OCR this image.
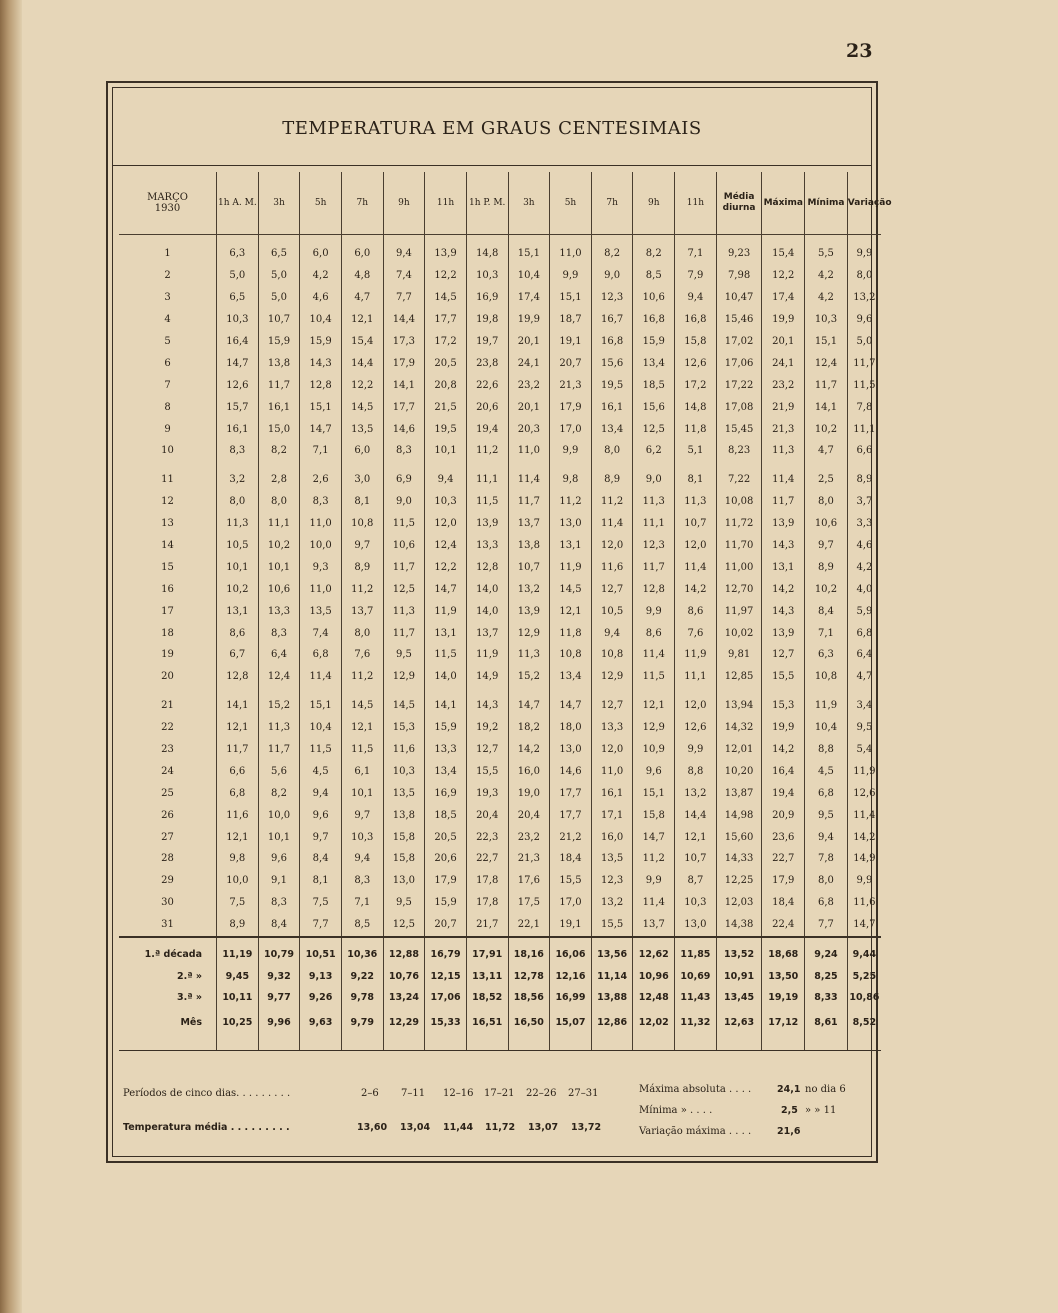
23
TEMPERATURA EM GRAUS CENTESIMAIS
MARÇO
1930	1h A. M.	3h	5h	7h	9h	11h	1h P. M.	3h	5h	7h	9h	11h	Média diurna	Máxima	Mínima	Variação

1	6,3	6,5	6,0	6,0	9,4	13,9	14,8	15,1	11,0	8,2	8,2	7,1	9,23	15,4	5,5	9,9
2	5,0	5,0	4,2	4,8	7,4	12,2	10,3	10,4	9,9	9,0	8,5	7,9	7,98	12,2	4,2	8,0
3	6,5	5,0	4,6	4,7	7,7	14,5	16,9	17,4	15,1	12,3	10,6	9,4	10,47	17,4	4,2	13,2
4	10,3	10,7	10,4	12,1	14,4	17,7	19,8	19,9	18,7	16,7	16,8	16,8	15,46	19,9	10,3	9,6
5	16,4	15,9	15,9	15,4	17,3	17,2	19,7	20,1	19,1	16,8	15,9	15,8	17,02	20,1	15,1	5,0
6	14,7	13,8	14,3	14,4	17,9	20,5	23,8	24,1	20,7	15,6	13,4	12,6	17,06	24,1	12,4	11,7
7	12,6	11,7	12,8	12,2	14,1	20,8	22,6	23,2	21,3	19,5	18,5	17,2	17,22	23,2	11,7	11,5
8	15,7	16,1	15,1	14,5	17,7	21,5	20,6	20,1	17,9	16,1	15,6	14,8	17,08	21,9	14,1	7,8
9	16,1	15,0	14,7	13,5	14,6	19,5	19,4	20,3	17,0	13,4	12,5	11,8	15,45	21,3	10,2	11,1
10	8,3	8,2	7,1	6,0	8,3	10,1	11,2	11,0	9,9	8,0	6,2	5,1	8,23	11,3	4,7	6,6

11	3,2	2,8	2,6	3,0	6,9	9,4	11,1	11,4	9,8	8,9	9,0	8,1	7,22	11,4	2,5	8,9
12	8,0	8,0	8,3	8,1	9,0	10,3	11,5	11,7	11,2	11,2	11,3	11,3	10,08	11,7	8,0	3,7
13	11,3	11,1	11,0	10,8	11,5	12,0	13,9	13,7	13,0	11,4	11,1	10,7	11,72	13,9	10,6	3,3
14	10,5	10,2	10,0	9,7	10,6	12,4	13,3	13,8	13,1	12,0	12,3	12,0	11,70	14,3	9,7	4,6
15	10,1	10,1	9,3	8,9	11,7	12,2	12,8	10,7	11,9	11,6	11,7	11,4	11,00	13,1	8,9	4,2
16	10,2	10,6	11,0	11,2	12,5	14,7	14,0	13,2	14,5	12,7	12,8	14,2	12,70	14,2	10,2	4,0
17	13,1	13,3	13,5	13,7	11,3	11,9	14,0	13,9	12,1	10,5	9,9	8,6	11,97	14,3	8,4	5,9
18	8,6	8,3	7,4	8,0	11,7	13,1	13,7	12,9	11,8	9,4	8,6	7,6	10,02	13,9	7,1	6,8
19	6,7	6,4	6,8	7,6	9,5	11,5	11,9	11,3	10,8	10,8	11,4	11,9	9,81	12,7	6,3	6,4
20	12,8	12,4	11,4	11,2	12,9	14,0	14,9	15,2	13,4	12,9	11,5	11,1	12,85	15,5	10,8	4,7

21	14,1	15,2	15,1	14,5	14,5	14,1	14,3	14,7	14,7	12,7	12,1	12,0	13,94	15,3	11,9	3,4
22	12,1	11,3	10,4	12,1	15,3	15,9	19,2	18,2	18,0	13,3	12,9	12,6	14,32	19,9	10,4	9,5
23	11,7	11,7	11,5	11,5	11,6	13,3	12,7	14,2	13,0	12,0	10,9	9,9	12,01	14,2	8,8	5,4
24	6,6	5,6	4,5	6,1	10,3	13,4	15,5	16,0	14,6	11,0	9,6	8,8	10,20	16,4	4,5	11,9
25	6,8	8,2	9,4	10,1	13,5	16,9	19,3	19,0	17,7	16,1	15,1	13,2	13,87	19,4	6,8	12,6
26	11,6	10,0	9,6	9,7	13,8	18,5	20,4	20,4	17,7	17,1	15,8	14,4	14,98	20,9	9,5	11,4
27	12,1	10,1	9,7	10,3	15,8	20,5	22,3	23,2	21,2	16,0	14,7	12,1	15,60	23,6	9,4	14,2
28	9,8	9,6	8,4	9,4	15,8	20,6	22,7	21,3	18,4	13,5	11,2	10,7	14,33	22,7	7,8	14,9
29	10,0	9,1	8,1	8,3	13,0	17,9	17,8	17,6	15,5	12,3	9,9	8,7	12,25	17,9	8,0	9,9
30	7,5	8,3	7,5	7,1	9,5	15,9	17,8	17,5	17,0	13,2	11,4	10,3	12,03	18,4	6,8	11,6
31	8,9	8,4	7,7	8,5	12,5	20,7	21,7	22,1	19,1	15,5	13,7	13,0	14,38	22,4	7,7	14,7
1.ª década	11,19	10,79	10,51	10,36	12,88	16,79	17,91	18,16	16,06	13,56	12,62	11,85	13,52	18,68	9,24	9,44
2.ª »	9,45	9,32	9,13	9,22	10,76	12,15	13,11	12,78	12,16	11,14	10,96	10,69	10,91	13,50	8,25	5,25
3.ª »	10,11	9,77	9,26	9,78	13,24	17,06	18,52	18,56	16,99	13,88	12,48	11,43	13,45	19,19	8,33	10,86
Mês	10,25	9,96	9,63	9,79	12,29	15,33	16,51	16,50	15,07	12,86	12,02	11,32	12,63	17,12	8,61	8,52

Períodos de cinco dias. . . . . . . . .	2–6 7–11 12–16 17–21 22–26 27–31
Temperatura média . . . . . . . . .	13,60 13,04 11,44 11,72 13,07 13,72
Máxima absoluta . . . .	24,1 no dia 6
Mínima » . . . .	2,5 » » 11
Variação máxima . . . .	21,6
